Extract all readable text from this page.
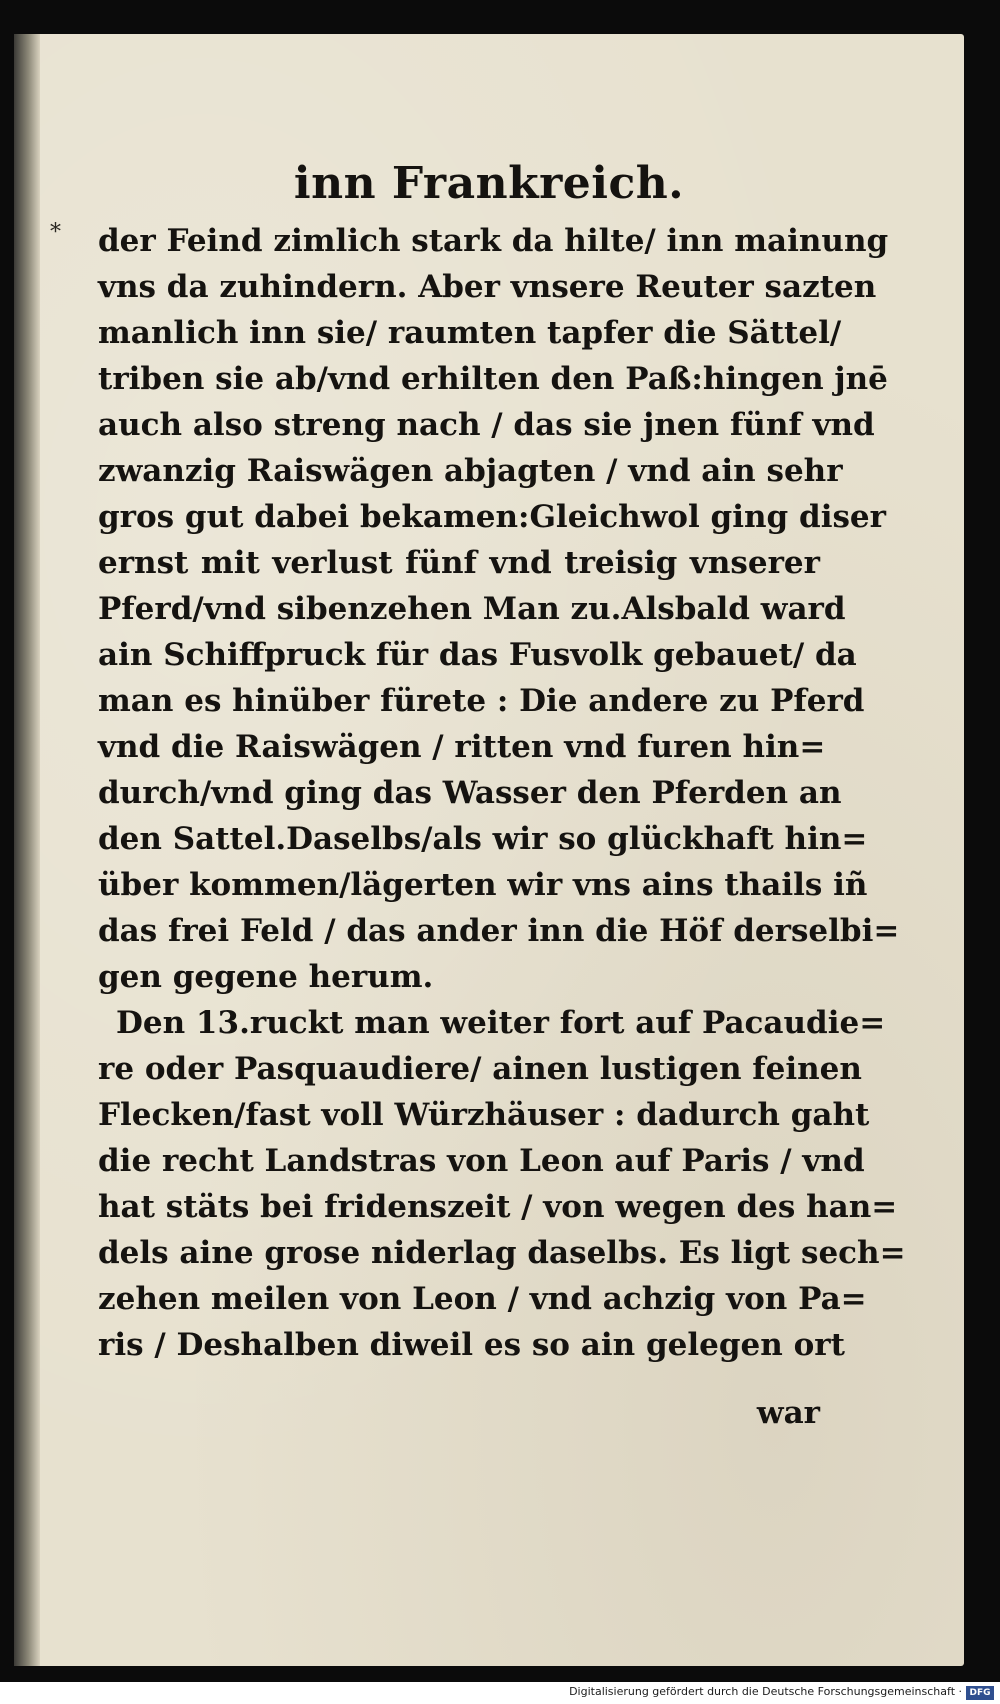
*
inn Frankreich.
der Feind zimlich stark da hilte/ inn mainung
vns da zuhindern. Aber vnsere Reuter sazten
manlich inn sie/ raumten tapfer die Sättel/
triben sie ab/vnd erhilten den Paß:hingen jnē
auch also streng nach / das sie jnen fünf vnd
zwanzig Raiswägen abjagten / vnd ain sehr
gros gut dabei bekamen:Gleichwol ging diser
ernst mit verlust fünf vnd treisig vnserer
Pferd/vnd sibenzehen Man zu.Alsbald ward
ain Schiffpruck für das Fusvolk gebauet/ da
man es hinüber fürete : Die andere zu Pferd
vnd die Raiswägen / ritten vnd furen hin=
durch/vnd ging das Wasser den Pferden an
den Sattel.Daselbs/als wir so glückhaft hin=
über kommen/lägerten wir vns ains thails iñ
das frei Feld / das ander inn die Höf derselbi=
gen gegene herum.
Den 13.ruckt man weiter fort auf Pacaudie=
re oder Pasquaudiere/ ainen lustigen feinen
Flecken/fast voll Würzhäuser : dadurch gaht
die recht Landstras von Leon auf Paris / vnd
hat stäts bei fridenszeit / von wegen des han=
dels aine grose niderlag daselbs. Es ligt sech=
zehen meilen von Leon / vnd achzig von Pa=
ris / Deshalben diweil es so ain gelegen ort
war
Digitalisierung gefördert durch die Deutsche Forschungsgemeinschaft · DFG
